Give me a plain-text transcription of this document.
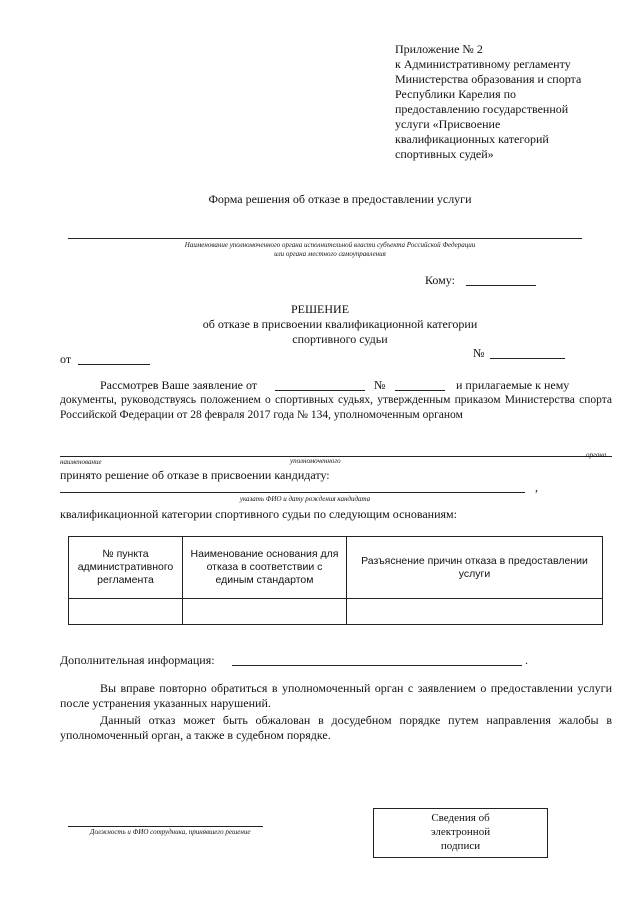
Приложение № 2
к Административному регламенту
Министерства образования и спорта
Республики Карелия по
предоставлению государственной
услуги «Присвоение
квалификационных категорий
спортивных судей»
Форма решения об отказе в предоставлении услуги
Наименование уполномоченного органа исполнительной власти субъекта Российской Федерации
или органа местного самоуправления
Кому:
РЕШЕНИЕ
об отказе в присвоении квалификационной категории
спортивного судьи
от	№
Рассмотрев Ваше заявление от	№	и прилагаемые к нему
документы, руководствуясь положением о спортивных судьях, утвержденным приказом Министерства спорта Российской Федерации от 28 февраля 2017 года № 134, уполномоченным органом
наименование	уполномоченного
органа
принято решение об отказе в присвоении кандидату:
,
указать ФИО и дату рождения кандидата
квалификационной категории спортивного судьи по следующим основаниям:
№ пункта административного регламента	Наименование основания для отказа в соответствии с единым стандартом	Разъяснение причин отказа в предоставлении услуги

Дополнительная информация:	.
Вы вправе повторно обратиться в уполномоченный орган с заявлением о предоставлении услуги после устранения указанных нарушений.
Данный отказ может быть обжалован в досудебном порядке путем направления жалобы в уполномоченный орган, а также в судебном порядке.
Должность и ФИО сотрудника, принявшего решение
Сведения об
электронной
подписи
